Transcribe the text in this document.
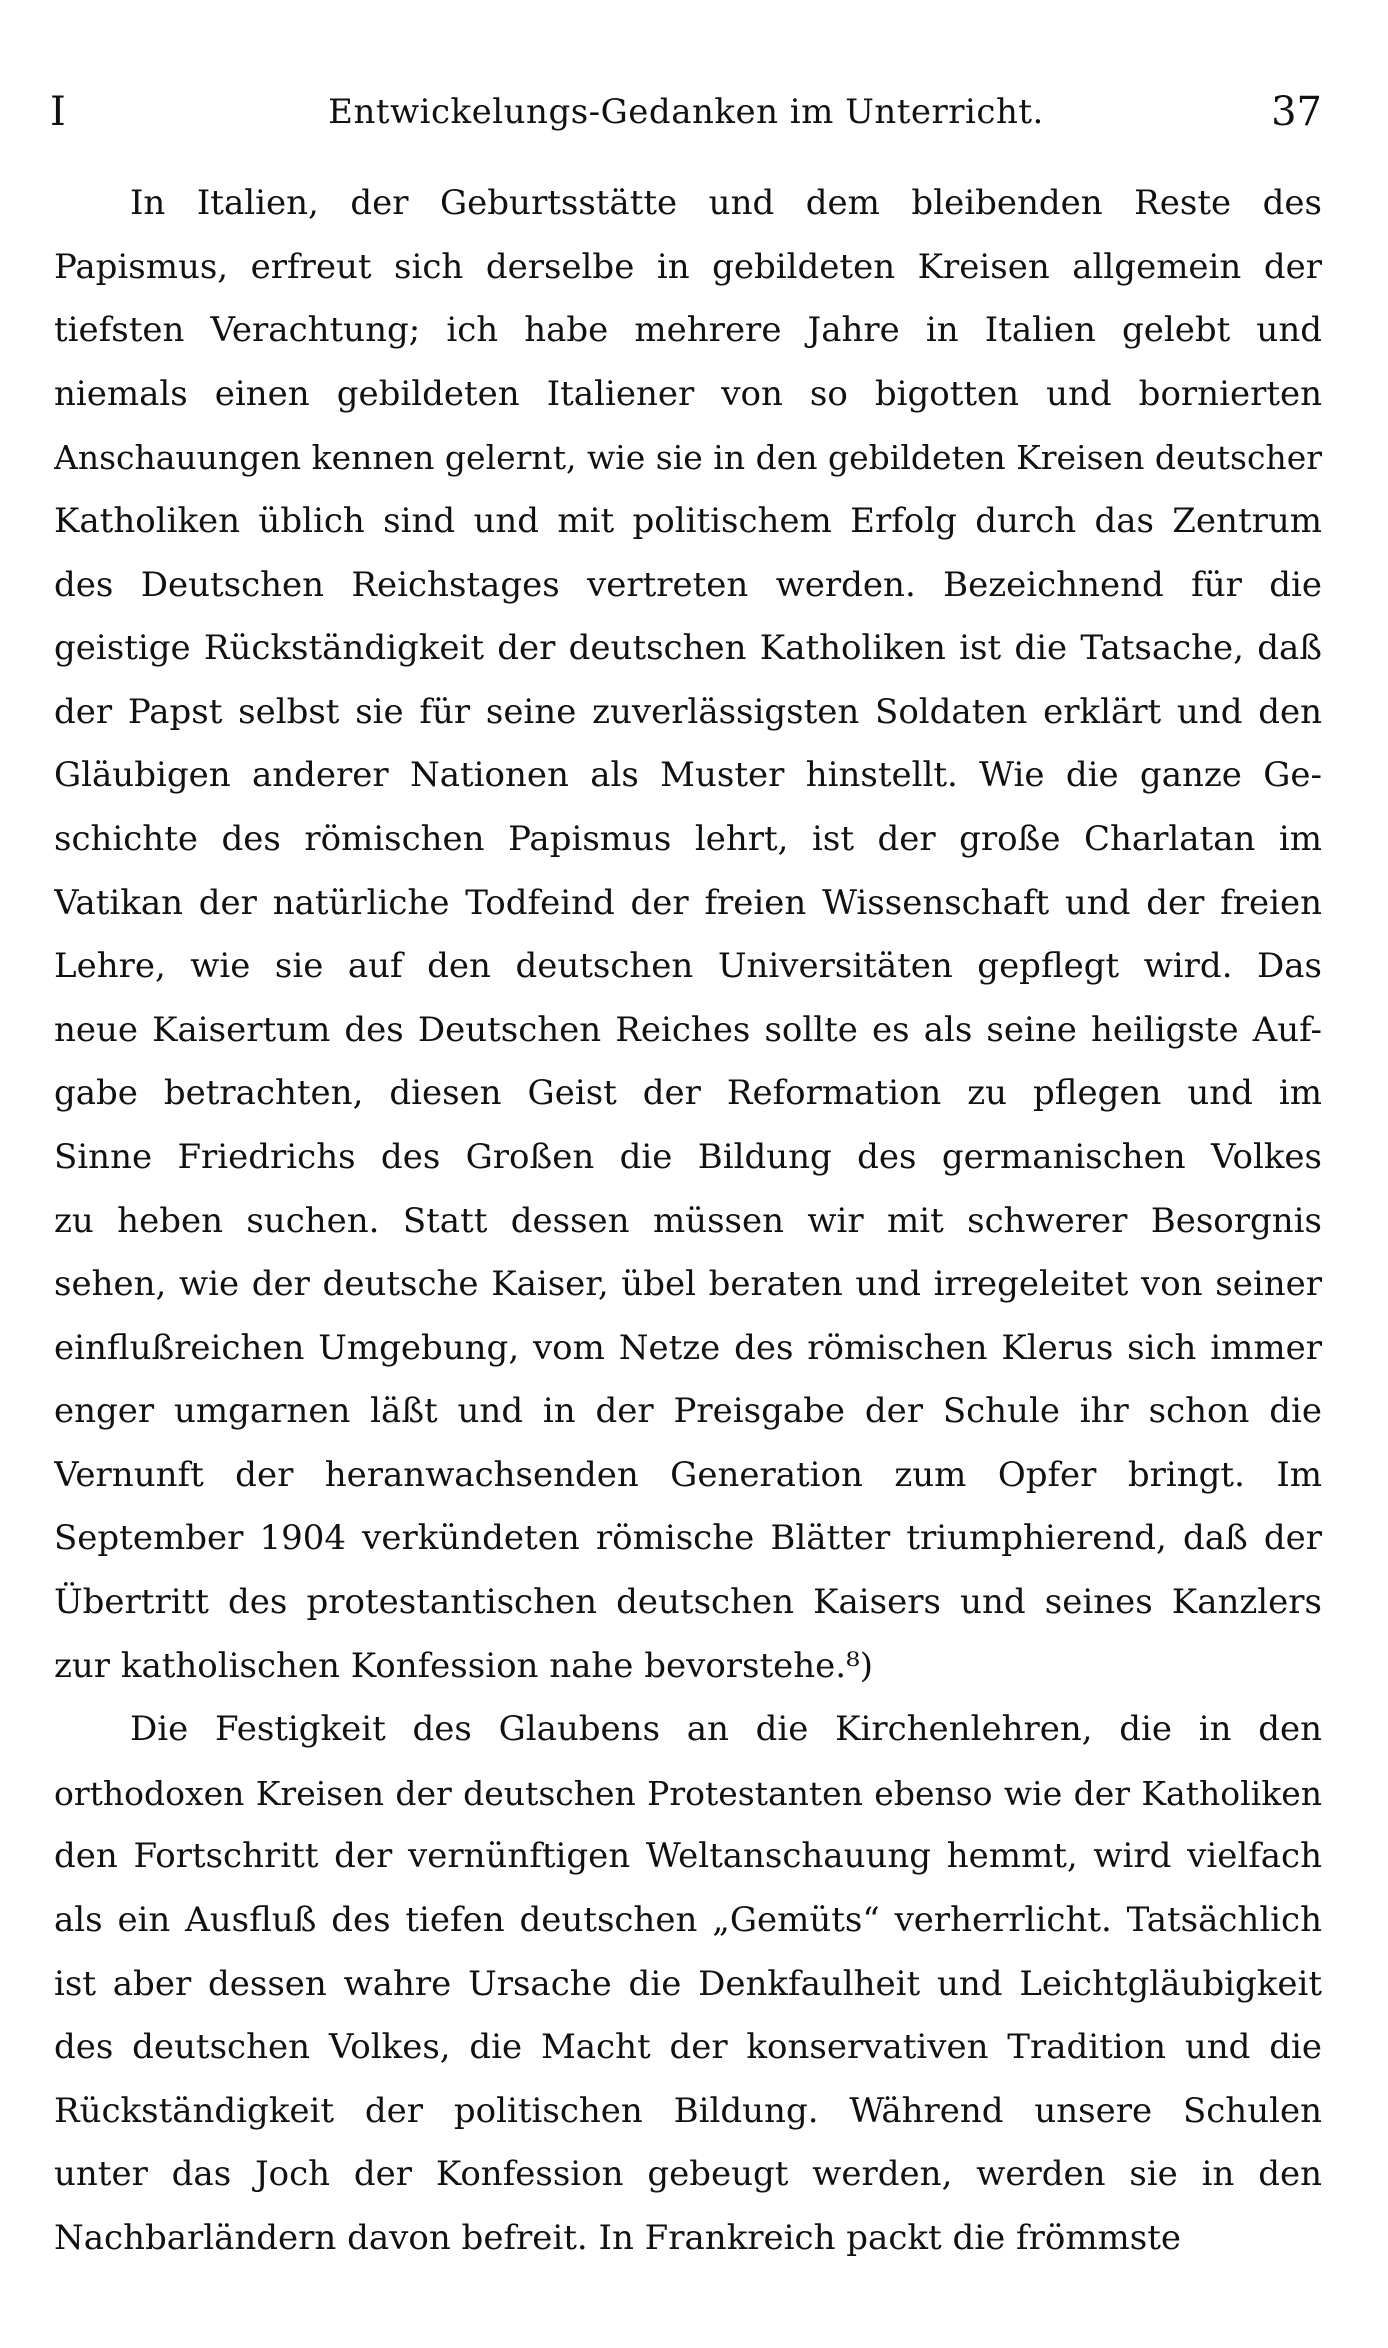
I	Entwickelungs-Gedanken im Unterricht.	37
In Italien, der Geburtsstätte und dem bleibenden Reste des
Papismus, erfreut sich derselbe in gebildeten Kreisen allgemein der
tiefsten Verachtung; ich habe mehrere Jahre in Italien gelebt und
niemals einen gebildeten Italiener von so bigotten und bornierten
Anschauungen kennen gelernt, wie sie in den gebildeten Kreisen deutscher
Katholiken üblich sind und mit politischem Erfolg durch das Zentrum
des Deutschen Reichstages vertreten werden. Bezeichnend für die
geistige Rückständigkeit der deutschen Katholiken ist die Tatsache, daß
der Papst selbst sie für seine zuverlässigsten Soldaten erklärt und den
Gläubigen anderer Nationen als Muster hinstellt. Wie die ganze Ge-
schichte des römischen Papismus lehrt, ist der große Charlatan im
Vatikan der natürliche Todfeind der freien Wissenschaft und der freien
Lehre, wie sie auf den deutschen Universitäten gepflegt wird. Das
neue Kaisertum des Deutschen Reiches sollte es als seine heiligste Auf-
gabe betrachten, diesen Geist der Reformation zu pflegen und im
Sinne Friedrichs des Großen die Bildung des germanischen Volkes
zu heben suchen. Statt dessen müssen wir mit schwerer Besorgnis
sehen, wie der deutsche Kaiser, übel beraten und irregeleitet von seiner
einflußreichen Umgebung, vom Netze des römischen Klerus sich immer
enger umgarnen läßt und in der Preisgabe der Schule ihr schon die
Vernunft der heranwachsenden Generation zum Opfer bringt. Im
September 1904 verkündeten römische Blätter triumphierend, daß der
Übertritt des protestantischen deutschen Kaisers und seines Kanzlers
zur katholischen Konfession nahe bevorstehe.⁸)
Die Festigkeit des Glaubens an die Kirchenlehren, die in den
orthodoxen Kreisen der deutschen Protestanten ebenso wie der Katholiken
den Fortschritt der vernünftigen Weltanschauung hemmt, wird vielfach
als ein Ausfluß des tiefen deutschen „Gemüts“ verherrlicht. Tatsächlich
ist aber dessen wahre Ursache die Denkfaulheit und Leichtgläubigkeit
des deutschen Volkes, die Macht der konservativen Tradition und die
Rückständigkeit der politischen Bildung. Während unsere Schulen
unter das Joch der Konfession gebeugt werden, werden sie in den
Nachbarländern davon befreit. In Frankreich packt die frömmste
